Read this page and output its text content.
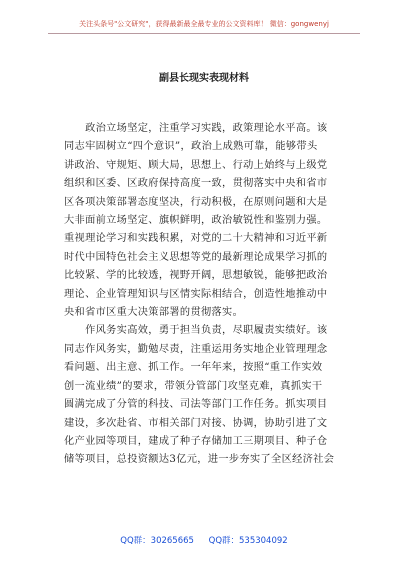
关注头条号"公文研究"，获得最新最全最专业的公文资料库！ 微信：gongwenyj
副县长现实表现材料
　　政治立场坚定，注重学习实践，政策理论水平高。该
同志牢固树立“四个意识”，政治上成熟可靠，能够带头
讲政治、守规矩、顾大局，思想上、行动上始终与上级党
组织和区委、区政府保持高度一致，贯彻落实中央和省市
区各项决策部署态度坚决，行动积极，在原则问题和大是
大非面前立场坚定、旗帜鲜明，政治敏锐性和鉴别力强。
重视理论学习和实践积累，对党的二十大精神和习近平新
时代中国特色社会主义思想等党的最新理论成果学习抓的
比较紧、学的比较透，视野开阔，思想敏锐，能够把政治
理论、企业管理知识与区情实际相结合，创造性地推动中
央和省市区重大决策部署的贯彻落实。
　　作风务实高效，勇于担当负责，尽职履责实绩好。该
同志作风务实，勤勉尽责，注重运用务实地企业管理理念
看问题、出主意、抓工作。一年年来，按照“重工作实效
创一流业绩”的要求，带领分管部门攻坚克难，真抓实干
圆满完成了分管的科技、司法等部门工作任务。抓实项目
建设，多次赴省、市相关部门对接、协调，协助引进了文
化产业园等项目，建成了种子存储加工三期项目、种子仓
储等项目，总投资额达3亿元，进一步夯实了全区经济社会
QQ群：30265665 QQ群：535304092
